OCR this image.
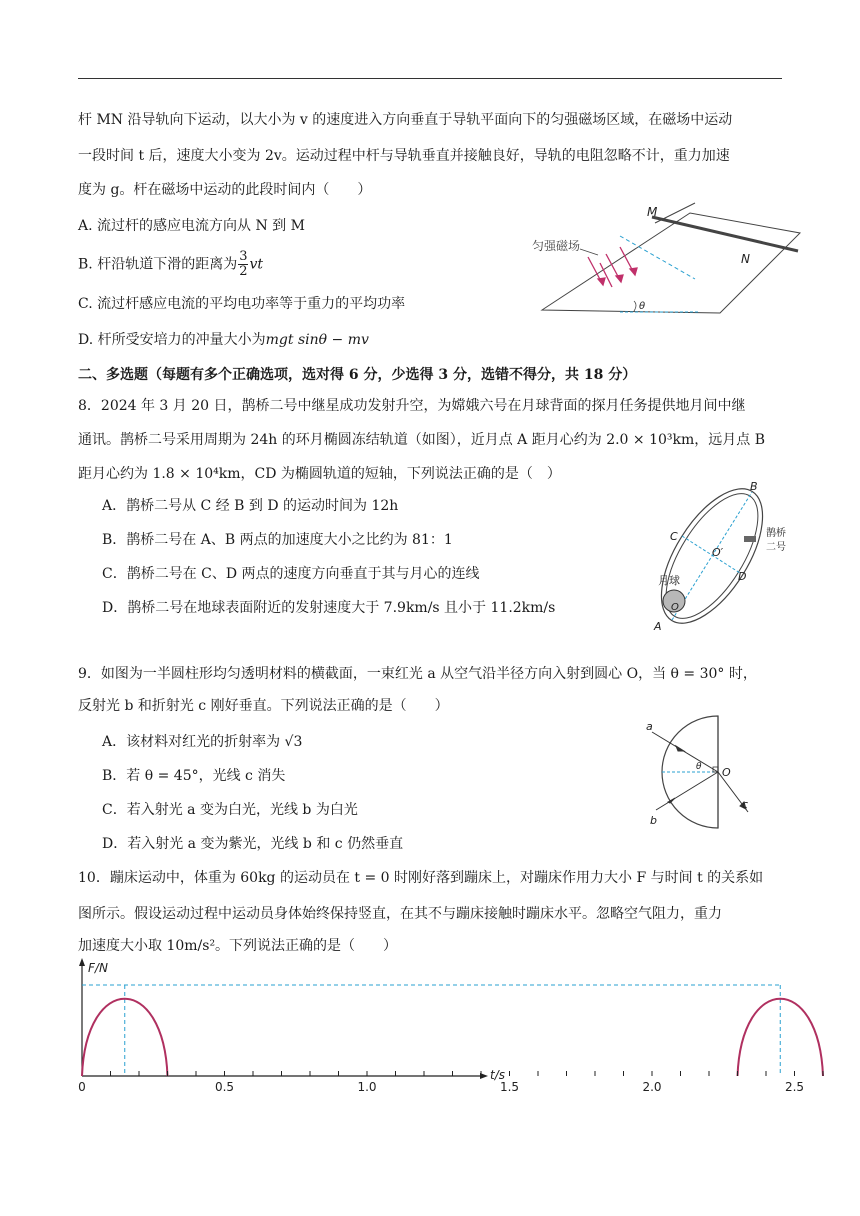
杆 MN 沿导轨向下运动，以大小为 v 的速度进入方向垂直于导轨平面向下的匀强磁场区域，在磁场中运动
一段时间 t 后，速度大小变为 2v。运动过程中杆与导轨垂直并接触良好，导轨的电阻忽略不计，重力加速
度为 g。杆在磁场中运动的此段时间内（　　）
A. 流过杆的感应电流方向从 N 到 M
B. 杆沿轨道下滑的距离为 $\frac{3}{2}$ vt
C. 流过杆感应电流的平均电功率等于重力的平均功率
D. 杆所受安培力的冲量大小为mgt sinθ − mv
匀强磁场
M
N
θ
二、多选题（每题有多个正确选项，选对得 6 分，少选得 3 分，选错不得分，共 18 分）
8．2024 年 3 月 20 日，鹊桥二号中继星成功发射升空，为嫦娥六号在月球背面的探月任务提供地月间中继
通讯。鹊桥二号采用周期为 24h 的环月椭圆冻结轨道（如图），近月点 A 距月心约为 2.0 × 10³km，远月点 B
距月心约为 1.8 × 10⁴km，CD 为椭圆轨道的短轴，下列说法正确的是（　）
A．鹊桥二号从 C 经 B 到 D 的运动时间为 12h
B．鹊桥二号在 A、B 两点的加速度大小之比约为 81：1
C．鹊桥二号在 C、D 两点的速度方向垂直于其与月心的连线
D．鹊桥二号在地球表面附近的发射速度大于 7.9km/s 且小于 11.2km/s
B
C
O′
D
月球
O
A
鹊桥
二号
9．如图为一半圆柱形均匀透明材料的横截面，一束红光 a 从空气沿半径方向入射到圆心 O，当 θ = 30° 时，
反射光 b 和折射光 c 刚好垂直。下列说法正确的是（　　）
A．该材料对红光的折射率为 √3
B．若 θ = 45°，光线 c 消失
C．若入射光 a 变为白光，光线 b 为白光
D．若入射光 a 变为紫光，光线 b 和 c 仍然垂直
a
b
c
O
θ
10．蹦床运动中，体重为 60kg 的运动员在 t = 0 时刚好落到蹦床上，对蹦床作用力大小 F 与时间 t 的关系如
图所示。假设运动过程中运动员身体始终保持竖直，在其不与蹦床接触时蹦床水平。忽略空气阻力，重力
加速度大小取 10m/s²。下列说法正确的是（　　）
0	0.5	1.0	1.5	2.0	2.5
F/N
t/s
